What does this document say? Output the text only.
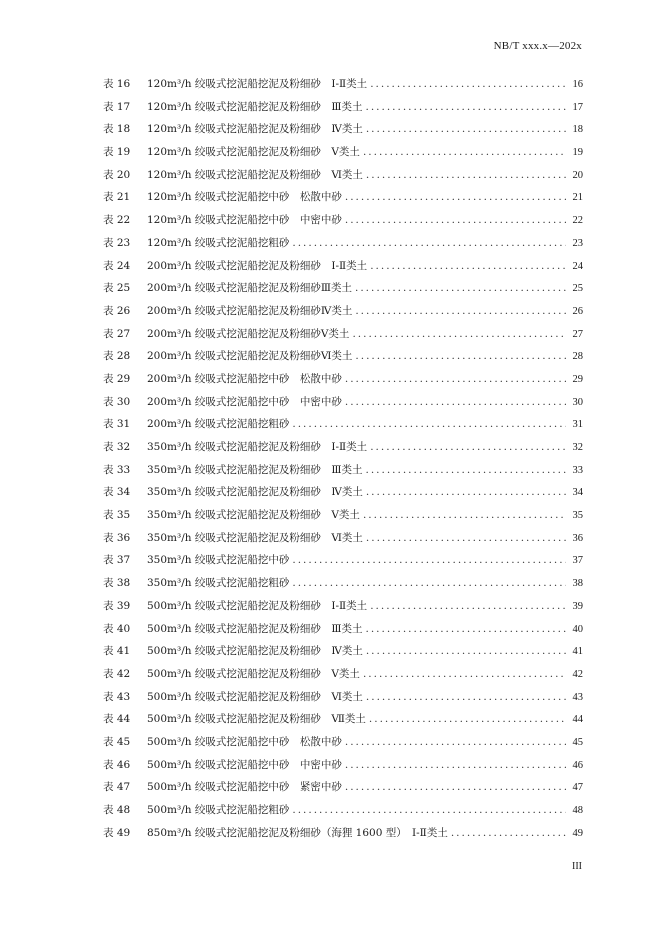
NB/T xxx.x—202x
表 16	120m³/h 绞吸式挖泥船挖泥及粉细砂　Ⅰ-Ⅱ类土 .....	16
表 17	120m³/h 绞吸式挖泥船挖泥及粉细砂　Ⅲ类土 .....	17
表 18	120m³/h 绞吸式挖泥船挖泥及粉细砂　Ⅳ类土 .....	18
表 19	120m³/h 绞吸式挖泥船挖泥及粉细砂　Ⅴ类土 .....	19
表 20	120m³/h 绞吸式挖泥船挖泥及粉细砂　Ⅵ类土 .....	20
表 21	120m³/h 绞吸式挖泥船挖中砂　松散中砂 .....	21
表 22	120m³/h 绞吸式挖泥船挖中砂　中密中砂 .....	22
表 23	120m³/h 绞吸式挖泥船挖粗砂 .....	23
表 24	200m³/h 绞吸式挖泥船挖泥及粉细砂　Ⅰ-Ⅱ类土 .....	24
表 25	200m³/h 绞吸式挖泥船挖泥及粉细砂Ⅲ类土 .....	25
表 26	200m³/h 绞吸式挖泥船挖泥及粉细砂Ⅳ类土 .....	26
表 27	200m³/h 绞吸式挖泥船挖泥及粉细砂Ⅴ类土 .....	27
表 28	200m³/h 绞吸式挖泥船挖泥及粉细砂Ⅵ类土 .....	28
表 29	200m³/h 绞吸式挖泥船挖中砂　松散中砂 .....	29
表 30	200m³/h 绞吸式挖泥船挖中砂　中密中砂 .....	30
表 31	200m³/h 绞吸式挖泥船挖粗砂 .....	31
表 32	350m³/h 绞吸式挖泥船挖泥及粉细砂　Ⅰ-Ⅱ类土 .....	32
表 33	350m³/h 绞吸式挖泥船挖泥及粉细砂　Ⅲ类土 .....	33
表 34	350m³/h 绞吸式挖泥船挖泥及粉细砂　Ⅳ类土 .....	34
表 35	350m³/h 绞吸式挖泥船挖泥及粉细砂　Ⅴ类土 .....	35
表 36	350m³/h 绞吸式挖泥船挖泥及粉细砂　Ⅵ类土 .....	36
表 37	350m³/h 绞吸式挖泥船挖中砂 .....	37
表 38	350m³/h 绞吸式挖泥船挖粗砂 .....	38
表 39	500m³/h 绞吸式挖泥船挖泥及粉细砂　Ⅰ-Ⅱ类土 .....	39
表 40	500m³/h 绞吸式挖泥船挖泥及粉细砂　Ⅲ类土 .....	40
表 41	500m³/h 绞吸式挖泥船挖泥及粉细砂　Ⅳ类土 .....	41
表 42	500m³/h 绞吸式挖泥船挖泥及粉细砂　Ⅴ类土 .....	42
表 43	500m³/h 绞吸式挖泥船挖泥及粉细砂　Ⅵ类土 .....	43
表 44	500m³/h 绞吸式挖泥船挖泥及粉细砂　Ⅶ类土 .....	44
表 45	500m³/h 绞吸式挖泥船挖中砂　松散中砂 .....	45
表 46	500m³/h 绞吸式挖泥船挖中砂　中密中砂 .....	46
表 47	500m³/h 绞吸式挖泥船挖中砂　紧密中砂 .....	47
表 48	500m³/h 绞吸式挖泥船挖粗砂 .....	48
表 49	850m³/h 绞吸式挖泥船挖泥及粉细砂（海狸 1600 型）　Ⅰ-Ⅱ类土 .....	49
III
